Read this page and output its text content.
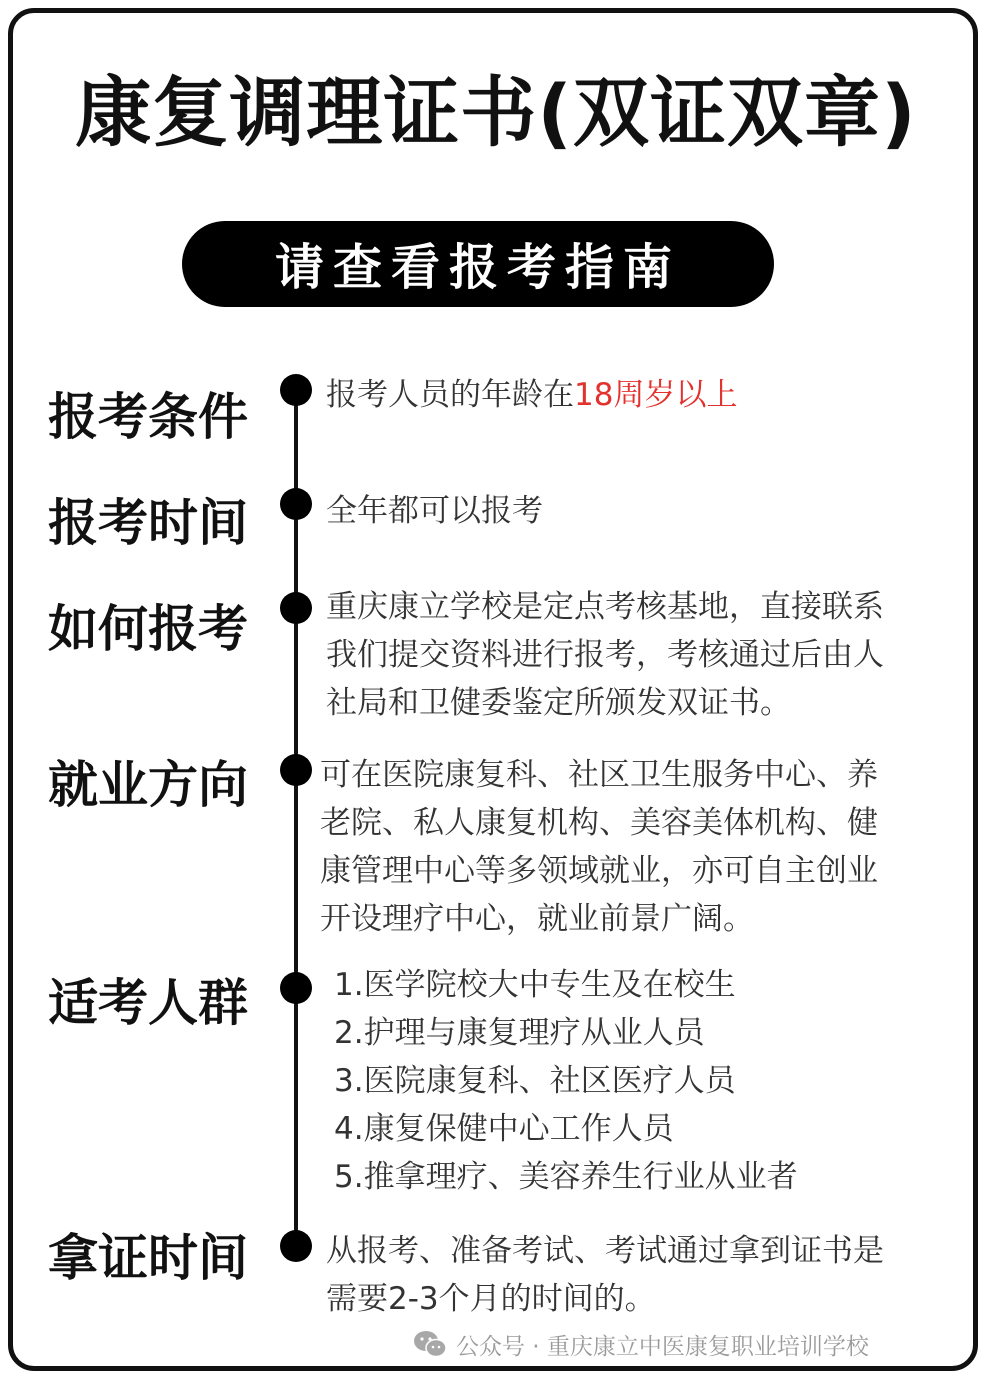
康复调理证书(双证双章)
请查看报考指南
报考条件	报考人员的年龄在18周岁以上
报考时间	全年都可以报考
如何报考	重庆康立学校是定点考核基地，直接联系
我们提交资料进行报考，考核通过后由人
社局和卫健委鉴定所颁发双证书。
就业方向 可在医院康复科、社区卫生服务中心、养
老院、私人康复机构、美容美体机构、健
康管理中心等多领域就业，亦可自主创业
开设理疗中心，就业前景广阔。
适考人群	1.医学院校大中专生及在校生
2.护理与康复理疗从业人员
3.医院康复科、社区医疗人员
4.康复保健中心工作人员
5.推拿理疗、美容养生行业从业者
拿证时间	从报考、准备考试、考试通过拿到证书是
需要2-3个月的时间的。
公众号 · 重庆康立中医康复职业培训学校
